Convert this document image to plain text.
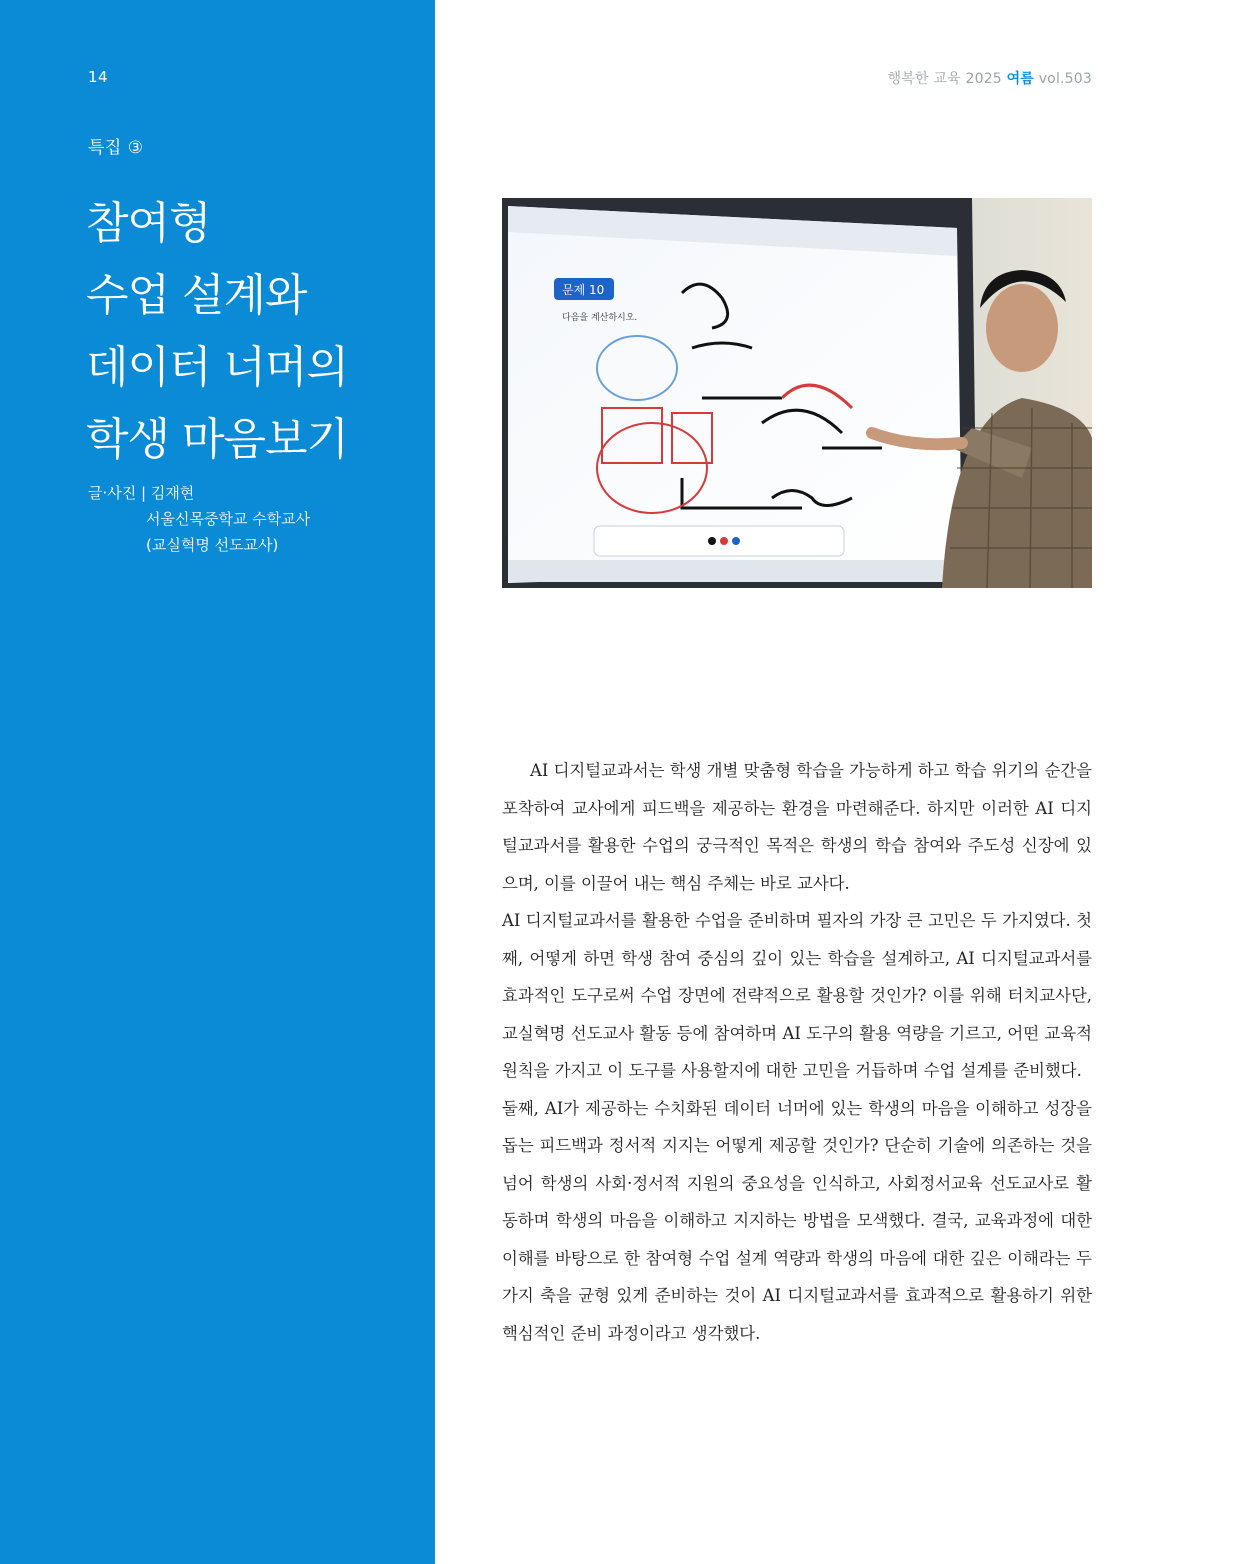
14
특집 ③
참여형
수업 설계와
데이터 너머의
학생 마음보기
글·사진 | 김재현
서울신목중학교 수학교사
(교실혁명 선도교사)
행복한 교육 2025 여름 vol.503
문제 10
다음을 계산하시오.

AI 디지털교과서는 학생 개별 맞춤형 학습을 가능하게 하고 학습 위기의 순간을 포착하여 교사에게 피드백을 제공하는 환경을 마련해준다. 하지만 이러한 AI 디지털교과서를 활용한 수업의 궁극적인 목적은 학생의 학습 참여와 주도성 신장에 있으며, 이를 이끌어 내는 핵심 주체는 바로 교사다.

AI 디지털교과서를 활용한 수업을 준비하며 필자의 가장 큰 고민은 두 가지였다. 첫째, 어떻게 하면 학생 참여 중심의 깊이 있는 학습을 설계하고, AI 디지털교과서를 효과적인 도구로써 수업 장면에 전략적으로 활용할 것인가? 이를 위해 터치교사단, 교실혁명 선도교사 활동 등에 참여하며 AI 도구의 활용 역량을 기르고, 어떤 교육적 원칙을 가지고 이 도구를 사용할지에 대한 고민을 거듭하며 수업 설계를 준비했다.

둘째, AI가 제공하는 수치화된 데이터 너머에 있는 학생의 마음을 이해하고 성장을 돕는 피드백과 정서적 지지는 어떻게 제공할 것인가? 단순히 기술에 의존하는 것을 넘어 학생의 사회·정서적 지원의 중요성을 인식하고, 사회정서교육 선도교사로 활동하며 학생의 마음을 이해하고 지지하는 방법을 모색했다. 결국, 교육과정에 대한 이해를 바탕으로 한 참여형 수업 설계 역량과 학생의 마음에 대한 깊은 이해라는 두 가지 축을 균형 있게 준비하는 것이 AI 디지털교과서를 효과적으로 활용하기 위한 핵심적인 준비 과정이라고 생각했다.
